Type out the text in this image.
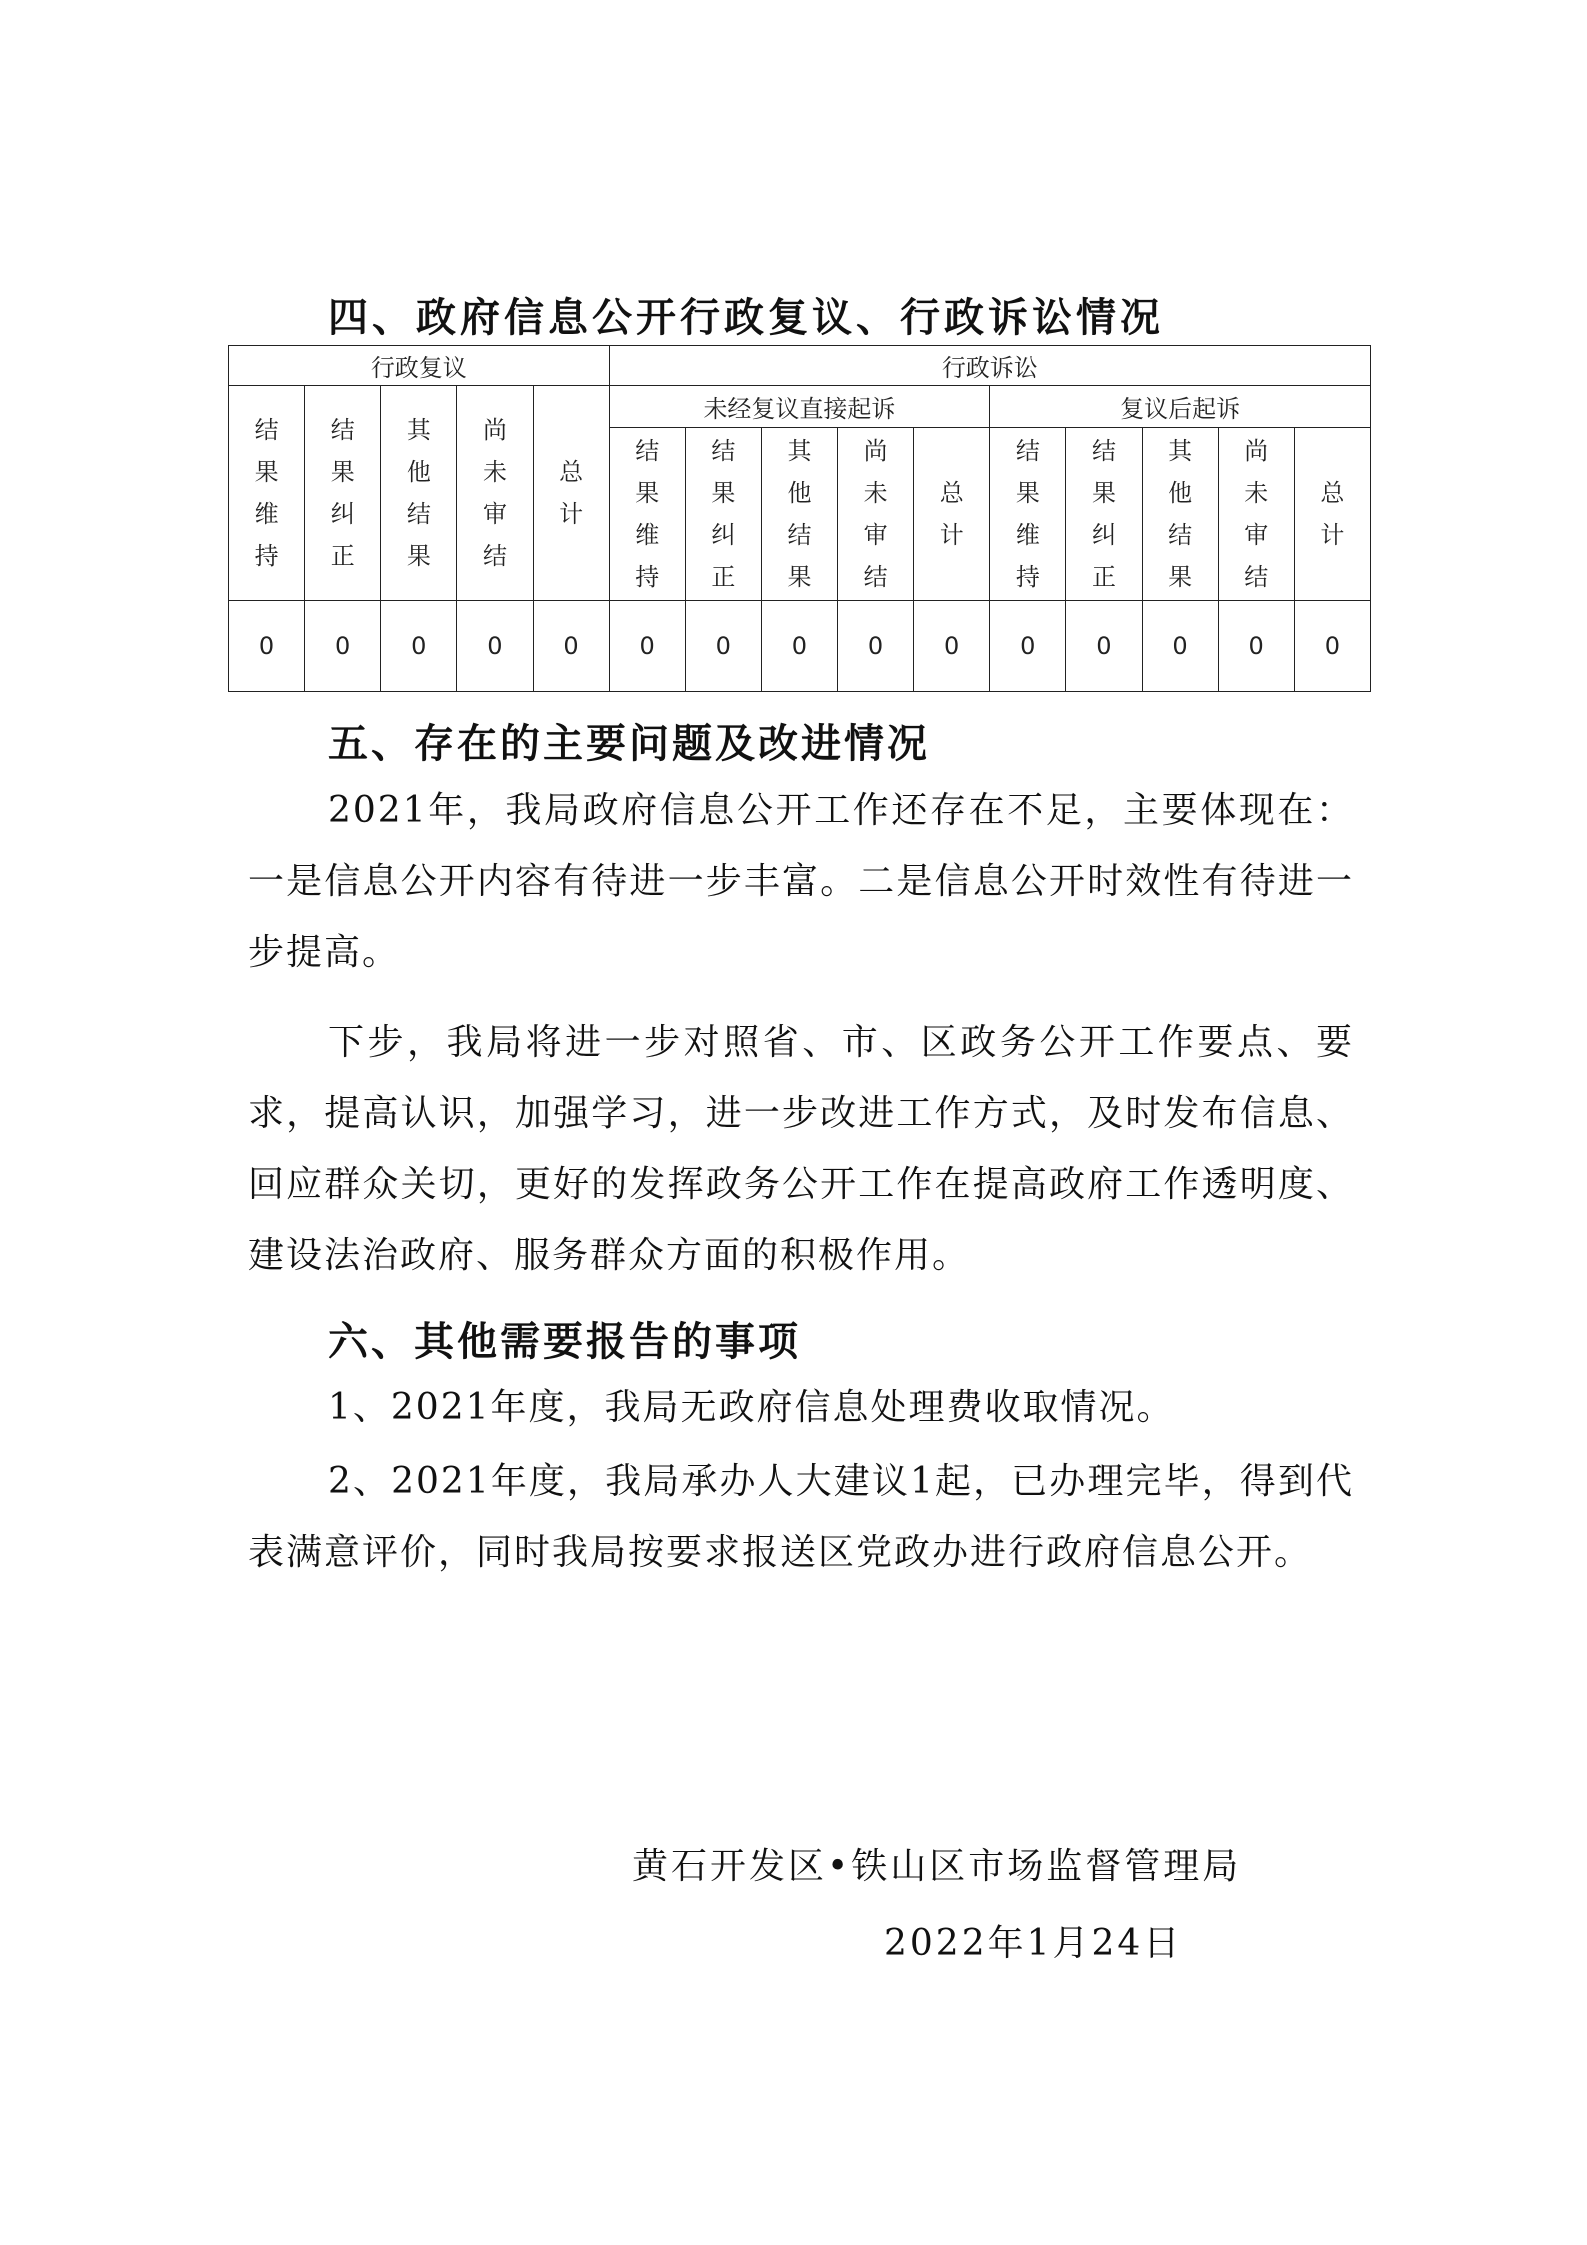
四、政府信息公开行政复议、行政诉讼情况
行政复议					行政诉讼									
结果维持	结果纠正	其他结果	尚未审结	总计	未经复议直接起诉					复议后起诉				
					结果维持	结果纠正	其他结果	尚未审结	总计	结果维持	结果纠正	其他结果	尚未审结	总计
0	0	0	0	0	0	0	0	0	0	0	0	0	0	0
五、存在的主要问题及改进情况

2021年，我局政府信息公开工作还存在不足，主要体现在：一是信息公开内容有待进一步丰富。二是信息公开时效性有待进一步提高。

下步，我局将进一步对照省、市、区政务公开工作要点、要求，提高认识，加强学习，进一步改进工作方式，及时发布信息、回应群众关切，更好的发挥政务公开工作在提高政府工作透明度、建设法治政府、服务群众方面的积极作用。

六、其他需要报告的事项

1、2021年度，我局无政府信息处理费收取情况。

2、2021年度，我局承办人大建议1起，已办理完毕，得到代表满意评价，同时我局按要求报送区党政办进行政府信息公开。

黄石开发区•铁山区市场监督管理局
2022年1月24日
